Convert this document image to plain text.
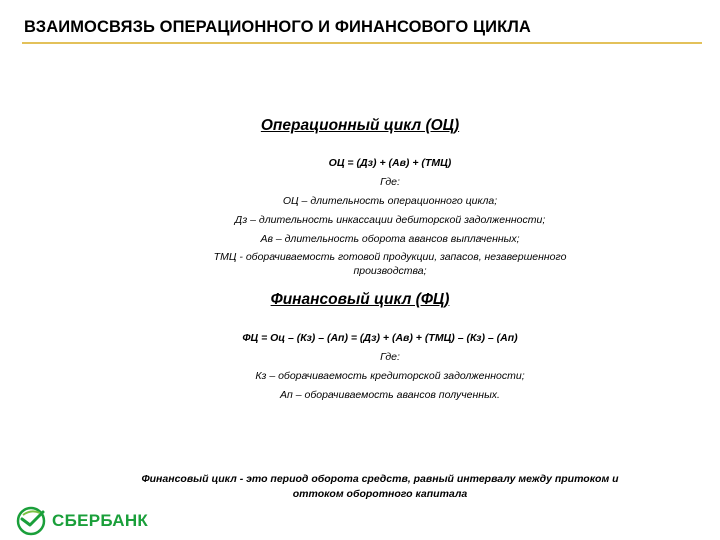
ВЗАИМОСВЯЗЬ ОПЕРАЦИОННОГО И ФИНАНСОВОГО ЦИКЛА
Операционный цикл (ОЦ)
ОЦ = (Дз) + (Ав) + (ТМЦ)
Где:
ОЦ – длительность операционного цикла;
Дз – длительность инкассации дебиторской задолженности;
Ав – длительность оборота авансов выплаченных;
ТМЦ - оборачиваемость готовой продукции, запасов, незавершенного
производства;
Финансовый цикл (ФЦ)
ФЦ = Оц – (Кз) – (Ап) = (Дз) + (Ав) + (ТМЦ) – (Кз) – (Ап)
Где:
Кз – оборачиваемость кредиторской задолженности;
Ап – оборачиваемость авансов полученных.
Финансовый цикл - это период оборота средств, равный интервалу между притоком и
оттоком оборотного капитала
СБЕРБАНК
